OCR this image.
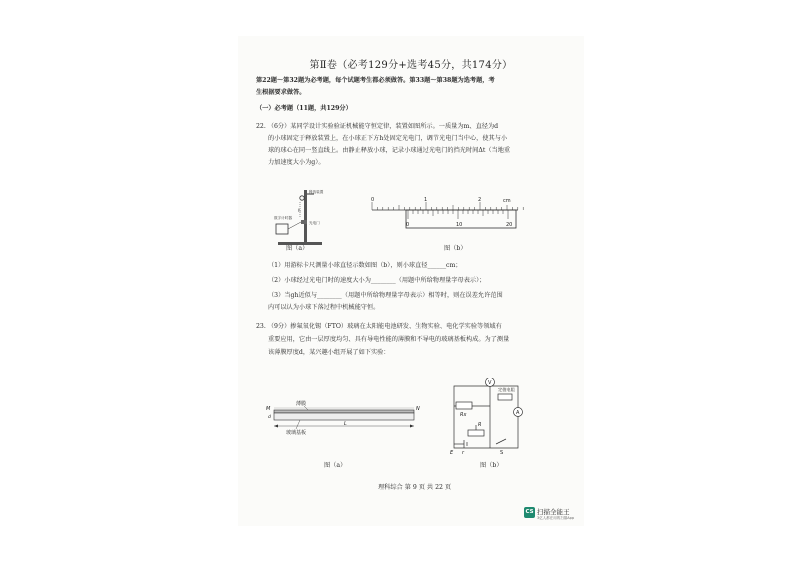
第Ⅱ卷（必考129分+选考45分，共174分）
第22题～第32题为必考题，每个试题考生都必须做答。第33题～第38题为选考题，考
生根据要求做答。
（一）必考题（11题，共129分）
22. （6分）某同学设计实验验证机械能守恒定律，装置如图所示。一质量为m、直径为d
的小球固定于释放装置上，在小球正下方h处固定光电门，调节光电门当中心，使其与小
球的球心在同一竖直线上。由静止释放小球，记录小球通过光电门的挡光时间Δt（当地重
力加速度大小为g）。
h
释放装置
数字计时器
光电门
图（a）
0	1	2	cm
0	10	20
图（b）
（1）用游标卡尺测量小球直径示数如图（b），则小球直径______cm；
（2）小球经过光电门时的速度大小为________（用题中所给物理量字母表示）；
（3）当gh近似与________（用题中所给物理量字母表示）相等时，则在误差允许范围
内可以认为小球下落过程中机械能守恒。
23. （9分）掺氟氧化锡（FTO）玻璃在太阳能电池研发、生物实验、电化学实验等领域有
重要应用，它由一层厚度均匀、具有导电性能的薄膜和不导电的玻璃基板构成。为了测量
该薄膜厚度d，某兴趣小组开展了如下实验：
M	N
d
薄膜
玻璃基板
L
图（a）
V
A
Rx
定值电阻
R
E r	S
图（b）
理科综合 第 9 页 共 22 页
CS 扫描全能王
3亿人都在用的扫描App
